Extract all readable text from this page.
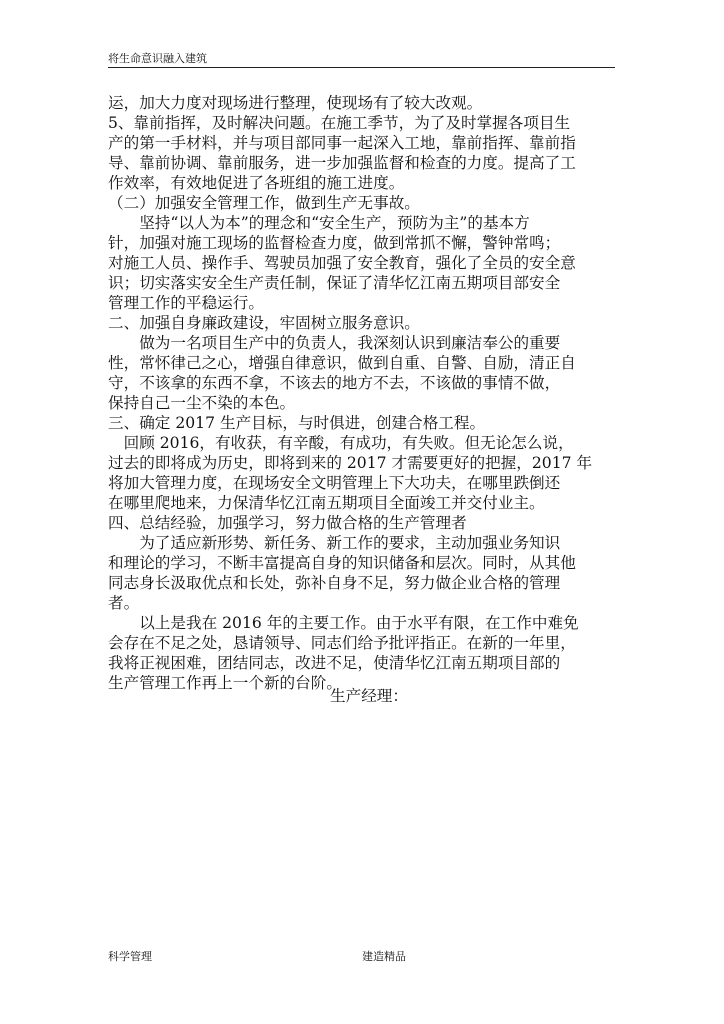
将生命意识融入建筑
运，加大力度对现场进行整理，使现场有了较大改观。
5、靠前指挥，及时解决问题。在施工季节，为了及时掌握各项目生
产的第一手材料，并与项目部同事一起深入工地，靠前指挥、靠前指
导、靠前协调、靠前服务，进一步加强监督和检查的力度。提高了工
作效率，有效地促进了各班组的施工进度。
（二）加强安全管理工作，做到生产无事故。
　　坚持“以人为本”的理念和“安全生产，预防为主”的基本方
针，加强对施工现场的监督检查力度，做到常抓不懈，警钟常鸣；
对施工人员、操作手、驾驶员加强了安全教育，强化了全员的安全意
识；切实落实安全生产责任制，保证了清华忆江南五期项目部安全
管理工作的平稳运行。
二、加强自身廉政建设，牢固树立服务意识。
　　做为一名项目生产中的负责人，我深刻认识到廉洁奉公的重要
性，常怀律己之心，增强自律意识，做到自重、自警、自励，清正自
守，不该拿的东西不拿，不该去的地方不去，不该做的事情不做，
保持自己一尘不染的本色。
三、确定 2017 生产目标，与时俱进，创建合格工程。
　回顾 2016，有收获，有辛酸，有成功，有失败。但无论怎么说，
过去的即将成为历史，即将到来的 2017 才需要更好的把握，2017 年
将加大管理力度，在现场安全文明管理上下大功夫，在哪里跌倒还
在哪里爬地来，力保清华忆江南五期项目全面竣工并交付业主。
四、总结经验，加强学习，努力做合格的生产管理者
　　为了适应新形势、新任务、新工作的要求，主动加强业务知识
和理论的学习，不断丰富提高自身的知识储备和层次。同时，从其他
同志身长汲取优点和长处，弥补自身不足，努力做企业合格的管理
者。
　　以上是我在 2016 年的主要工作。由于水平有限，在工作中难免
会存在不足之处，恳请领导、同志们给予批评指正。在新的一年里，
我将正视困难，团结同志，改进不足，使清华忆江南五期项目部的
生产管理工作再上一个新的台阶。
生产经理：
科学管理	建造精品
